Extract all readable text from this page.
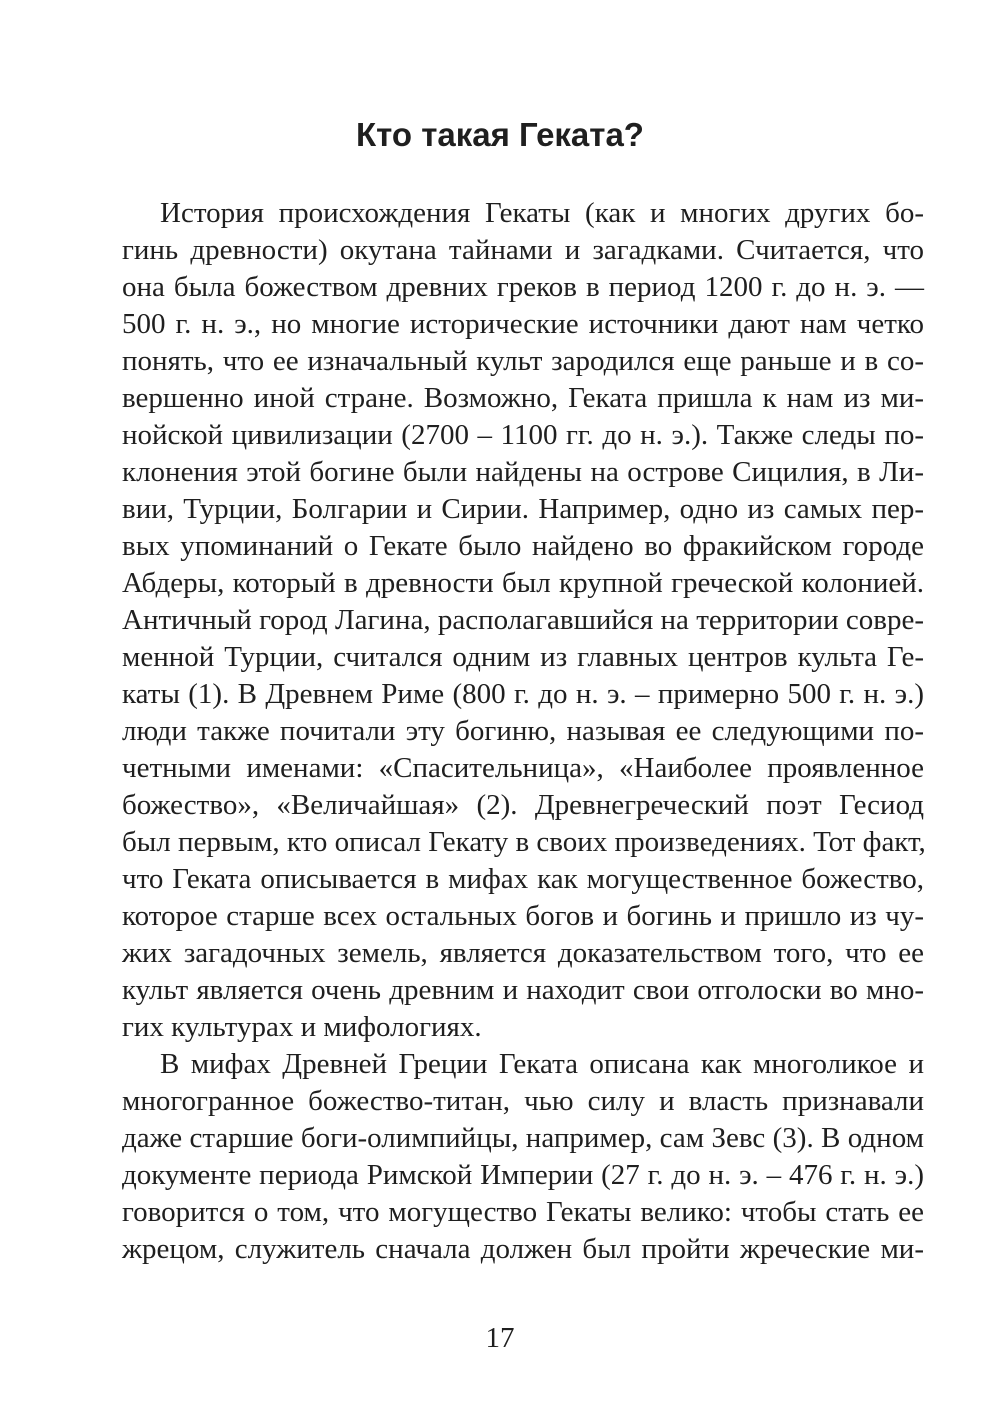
Кто такая Геката?
История происхождения Гекаты (как и многих других бо-
гинь древности) окутана тайнами и загадками. Считается, что
она была божеством древних греков в период 1200 г. до н. э. —
500 г. н. э., но многие исторические источники дают нам четко
понять, что ее изначальный культ зародился еще раньше и в со-
вершенно иной стране. Возможно, Геката пришла к нам из ми-
нойской цивилизации (2700 – 1100 гг. до н. э.). Также следы по-
клонения этой богине были найдены на острове Сицилия, в Ли-
вии, Турции, Болгарии и Сирии. Например, одно из самых пер-
вых упоминаний о Гекате было найдено во фракийском городе
Абдеры, который в древности был крупной греческой колонией.
Античный город Лагина, располагавшийся на территории совре-
менной Турции, считался одним из главных центров культа Ге-
каты (1). В Древнем Риме (800 г. до н. э. – примерно 500 г. н. э.)
люди также почитали эту богиню, называя ее следующими по-
четными именами: «Спасительница», «Наиболее проявленное
божество», «Величайшая» (2). Древнегреческий поэт Гесиод
был первым, кто описал Гекату в своих произведениях. Тот факт,
что Геката описывается в мифах как могущественное божество,
которое старше всех остальных богов и богинь и пришло из чу-
жих загадочных земель, является доказательством того, что ее
культ является очень древним и находит свои отголоски во мно-
гих культурах и мифологиях.
В мифах Древней Греции Геката описана как многоликое и
многогранное божество-титан, чью силу и власть признавали
даже старшие боги-олимпийцы, например, сам Зевс (3). В одном
документе периода Римской Империи (27 г. до н. э. – 476 г. н. э.)
говорится о том, что могущество Гекаты велико: чтобы стать ее
жрецом, служитель сначала должен был пройти жреческие ми-
17
